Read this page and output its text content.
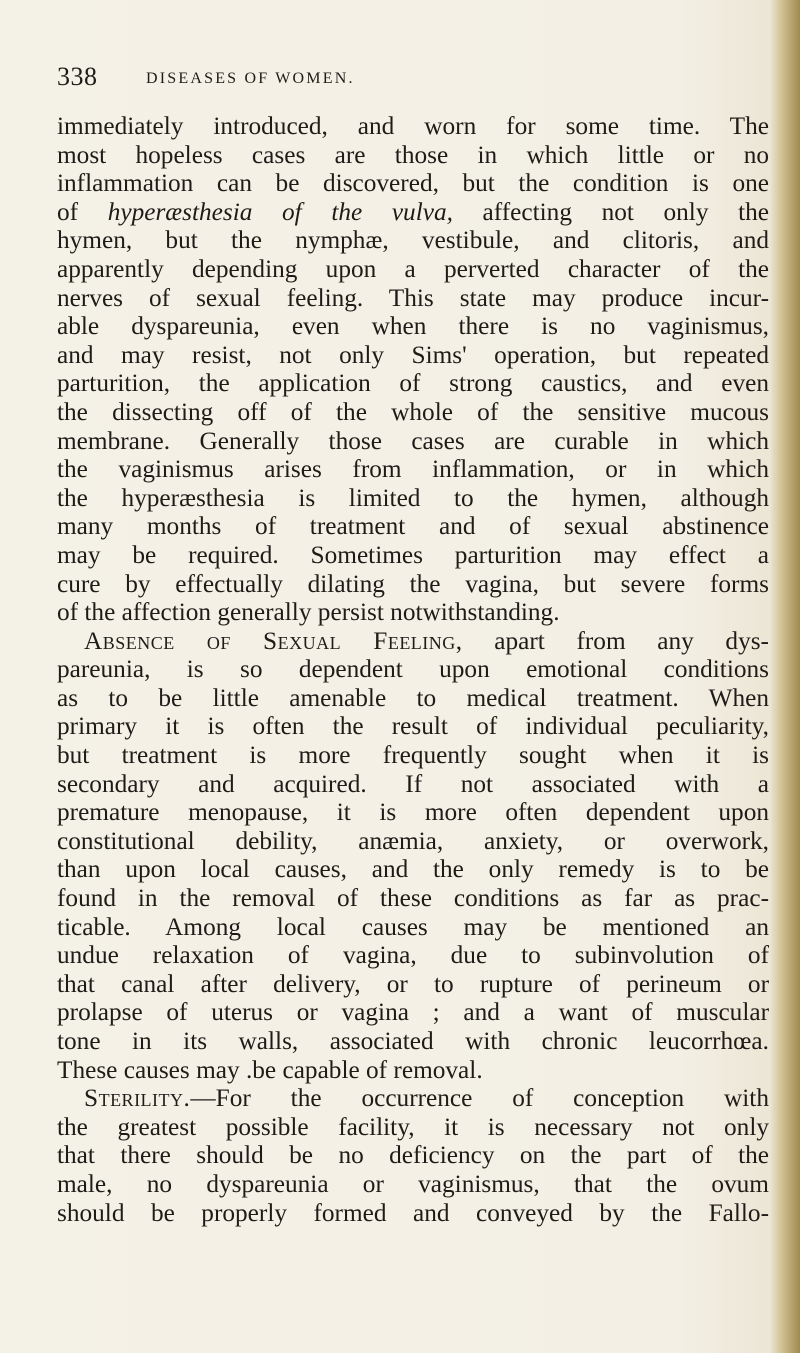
338	DISEASES OF WOMEN.
immediately introduced, and worn for some time. The
most hopeless cases are those in which little or no
inflammation can be discovered, but the condition is one
of hyperæsthesia of the vulva, affecting not only the
hymen, but the nymphæ, vestibule, and clitoris, and
apparently depending upon a perverted character of the
nerves of sexual feeling. This state may produce incur-
able dyspareunia, even when there is no vaginismus,
and may resist, not only Sims' operation, but repeated
parturition, the application of strong caustics, and even
the dissecting off of the whole of the sensitive mucous
membrane. Generally those cases are curable in which
the vaginismus arises from inflammation, or in which
the hyperæsthesia is limited to the hymen, although
many months of treatment and of sexual abstinence
may be required. Sometimes parturition may effect a
cure by effectually dilating the vagina, but severe forms
of the affection generally persist notwithstanding.
Absence of Sexual Feeling, apart from any dys-
pareunia, is so dependent upon emotional conditions
as to be little amenable to medical treatment. When
primary it is often the result of individual peculiarity,
but treatment is more frequently sought when it is
secondary and acquired. If not associated with a
premature menopause, it is more often dependent upon
constitutional debility, anæmia, anxiety, or overwork,
than upon local causes, and the only remedy is to be
found in the removal of these conditions as far as prac-
ticable. Among local causes may be mentioned an
undue relaxation of vagina, due to subinvolution of
that canal after delivery, or to rupture of perineum or
prolapse of uterus or vagina ; and a want of muscular
tone in its walls, associated with chronic leucorrhœa.
These causes may .be capable of removal.
Sterility.—For the occurrence of conception with
the greatest possible facility, it is necessary not only
that there should be no deficiency on the part of the
male, no dyspareunia or vaginismus, that the ovum
should be properly formed and conveyed by the Fallo-
